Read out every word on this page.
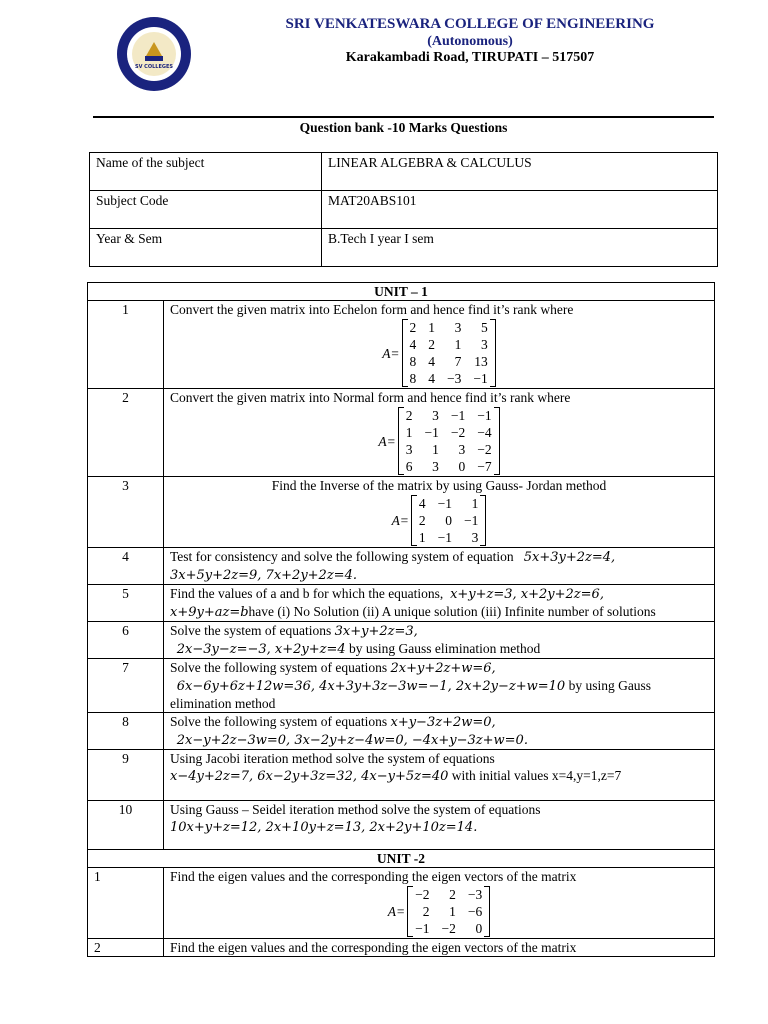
SV COLLEGES
SRI VENKATESWARA COLLEGE OF ENGINEERING
(Autonomous)
Karakambadi Road, TIRUPATI – 517507
Question bank -10 Marks Questions
Name of the subject	LINEAR ALGEBRA & CALCULUS
Subject Code	MAT20ABS101
Year & Sem	B.Tech I year I sem
UNIT – 1
1	Convert the given matrix into Echelon form and hence find it’s rank where
A=
2	1	3	5
4	2	1	3
8	4	7	13
8	4	−3	−1

2	Convert the given matrix into Normal form and hence find it’s rank where
A=
2	3	−1	−1
1	−1	−2	−4
3	1	3	−2
6	3	0	−7

3	Find the Inverse of the matrix by using Gauss- Jordan method
A=
4	−1	1
2	0	−1
1	−1	3

4	Test for consistency and solve the following system of equation 5x+3y+2z=4,
3x+5y+2z=9, 7x+2y+2z=4.

5	Find the values of a and b for which the equations, x+y+z=3, x+2y+2z=6,
x+9y+az=bhave (i) No Solution (ii) A unique solution (iii) Infinite number of solutions

6	Solve the system of equations 3x+y+2z=3,
2x−3y−z=−3, x+2y+z=4 by using Gauss elimination method

7	Solve the following system of equations 2x+y+2z+w=6,
6x−6y+6z+12w=36, 4x+3y+3z−3w=−1, 2x+2y−z+w=10 by using Gauss elimination method

8	Solve the following system of equations x+y−3z+2w=0,
2x−y+2z−3w=0, 3x−2y+z−4w=0, −4x+y−3z+w=0.

9	Using Jacobi iteration method solve the system of equations
x−4y+2z=7, 6x−2y+3z=32, 4x−y+5z=40 with initial values x=4,y=1,z=7

10	Using Gauss – Seidel iteration method solve the system of equations
10x+y+z=12, 2x+10y+z=13, 2x+2y+10z=14.

UNIT -2
1	Find the eigen values and the corresponding the eigen vectors of the matrix
A=
−2	2	−3
2	1	−6
−1	−2	0

2	Find the eigen values and the corresponding the eigen vectors of the matrix
